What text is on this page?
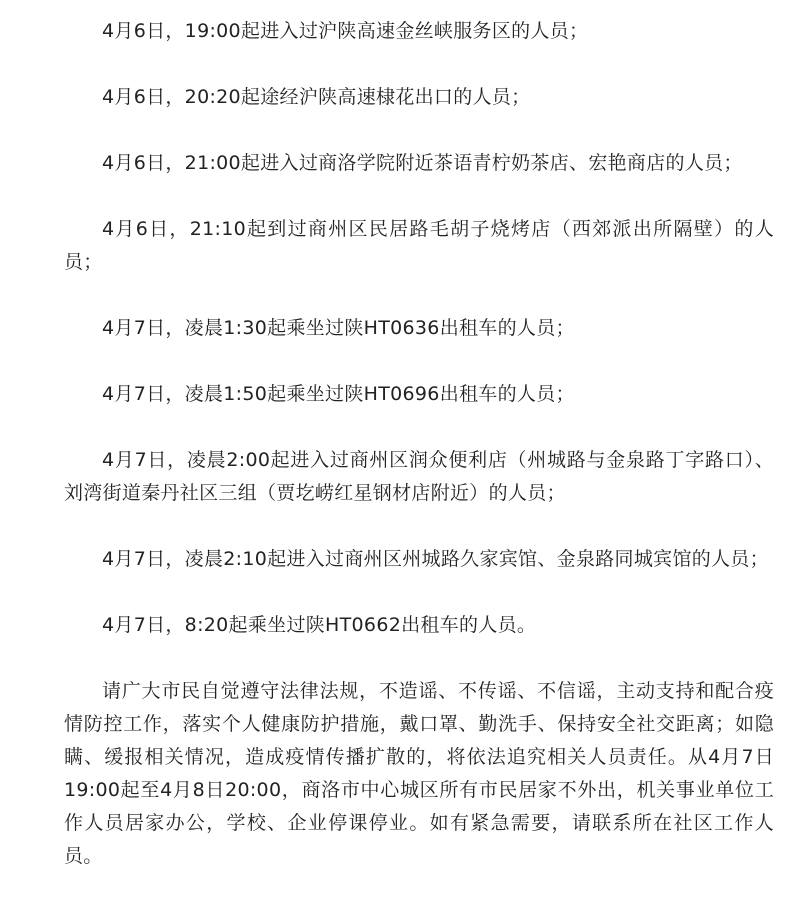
4月6日，19:00起进入过沪陕高速金丝峡服务区的人员；

4月6日，20:20起途经沪陕高速棣花出口的人员；

4月6日，21:00起进入过商洛学院附近茶语青柠奶茶店、宏艳商店的人员；

4月6日，21:10起到过商州区民居路毛胡子烧烤店（西郊派出所隔壁）的人员；

4月7日，凌晨1:30起乘坐过陕HT0636出租车的人员；

4月7日，凌晨1:50起乘坐过陕HT0696出租车的人员；

4月7日，凌晨2:00起进入过商州区润众便利店（州城路与金泉路丁字路口）、刘湾街道秦丹社区三组（贾圪崂红星钢材店附近）的人员；

4月7日，凌晨2:10起进入过商州区州城路久家宾馆、金泉路同城宾馆的人员；

4月7日，8:20起乘坐过陕HT0662出租车的人员。

请广大市民自觉遵守法律法规，不造谣、不传谣、不信谣，主动支持和配合疫情防控工作，落实个人健康防护措施，戴口罩、勤洗手、保持安全社交距离；如隐瞒、缓报相关情况，造成疫情传播扩散的，将依法追究相关人员责任。从4月7日19:00起至4月8日20:00，商洛市中心城区所有市民居家不外出，机关事业单位工作人员居家办公，学校、企业停课停业。如有紧急需要，请联系所在社区工作人员。
